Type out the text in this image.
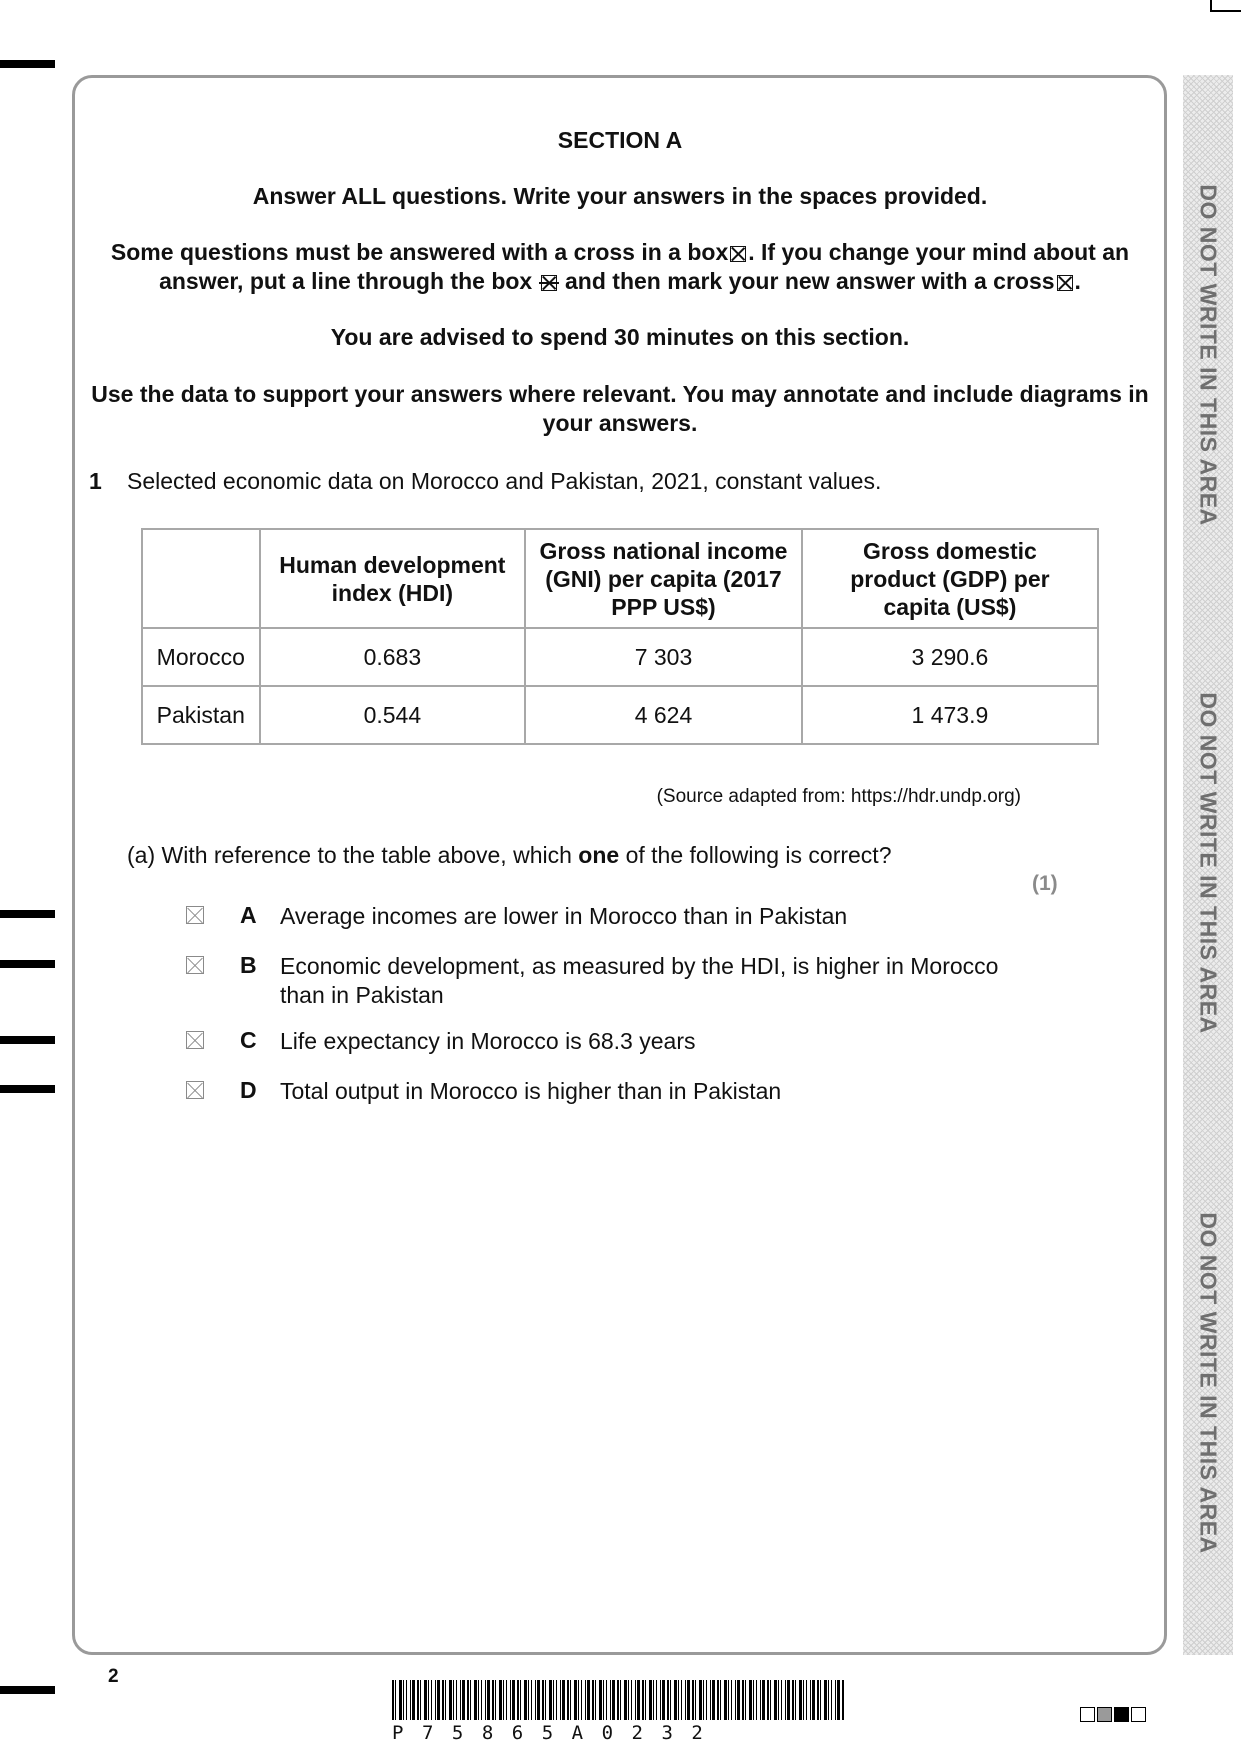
DO NOT WRITE IN THIS AREA
DO NOT WRITE IN THIS AREA
DO NOT WRITE IN THIS AREA
SECTION A
Answer ALL questions. Write your answers in the spaces provided.
Some questions must be answered with a cross in a box ☒ . If you change your mind about an answer, put a line through the box and then mark your new answer with a cross ☒ .
You are advised to spend 30 minutes on this section.
Use the data to support your answers where relevant. You may annotate and include diagrams in your answers.
1 Selected economic data on Morocco and Pakistan, 2021, constant values.

	Human development index (HDI)	Gross national income (GNI) per capita (2017 PPP US$)	Gross domestic product (GDP) per capita (US$)

Morocco	0.683	7 303	3 290.6
Pakistan	0.544	4 624	1 473.9
(Source adapted from: https://hdr.undp.org)
(a) With reference to the table above, which one of the following is correct?
(1)
A Average incomes are lower in Morocco than in Pakistan
B Economic development, as measured by the HDI, is higher in Morocco than in Pakistan
C Life expectancy in Morocco is 68.3 years
D Total output in Morocco is higher than in Pakistan
2
P75865A0232
